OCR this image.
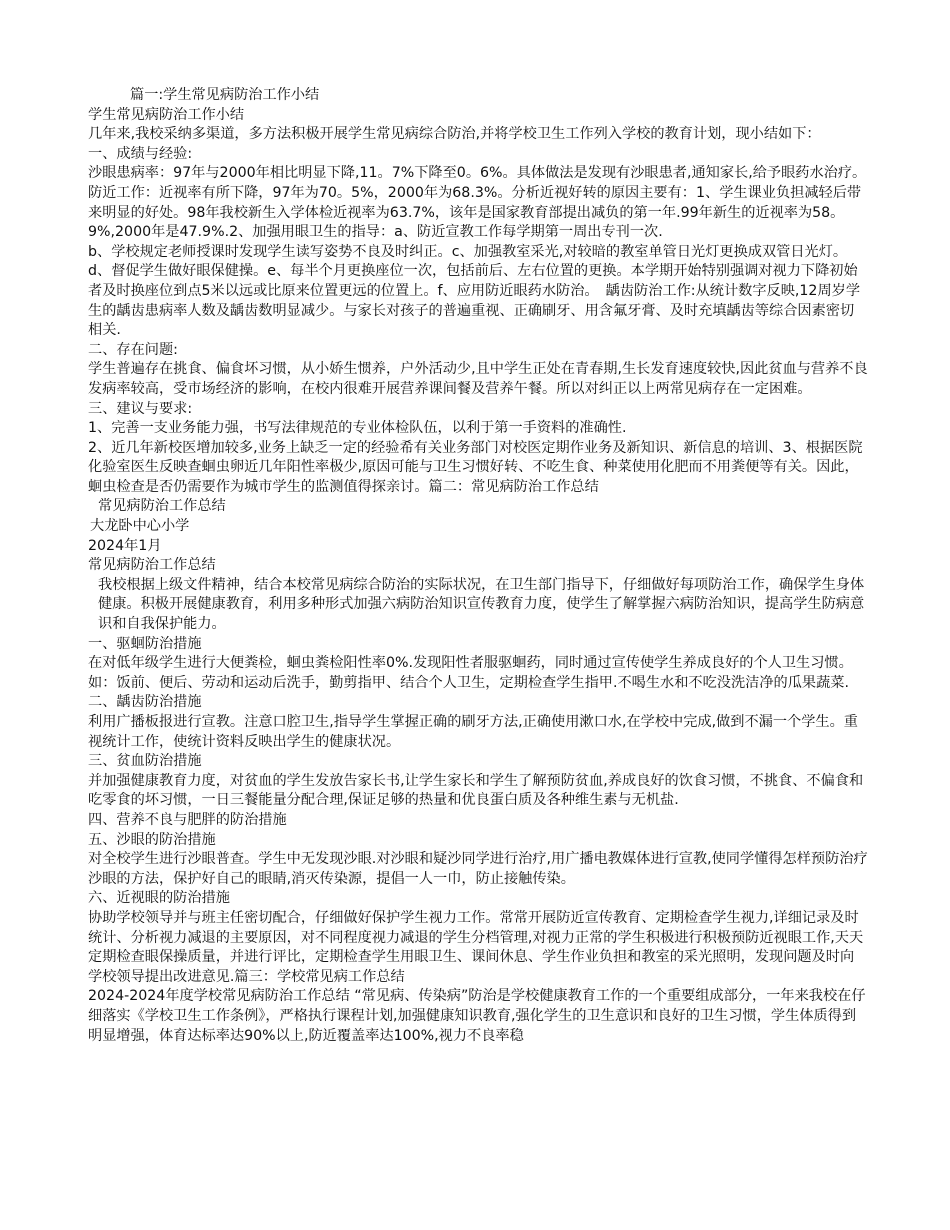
篇一:学生常见病防治工作小结

学生常见病防治工作小结

几年来,我校采纳多渠道，多方法积极开展学生常见病综合防治,并将学校卫生工作列入学校的教育计划，现小结如下：

一、成绩与经验:

沙眼患病率：97年与2000年相比明显下降,11。7%下降至0。6%。具体做法是发现有沙眼患者,通知家长,给予眼药水治疗。

防近工作：近视率有所下降，97年为70。5%，2000年为68.3%。分析近视好转的原因主要有：1、学生课业负担减轻后带来明显的好处。98年我校新生入学体检近视率为63.7%，该年是国家教育部提出减负的第一年.99年新生的近视率为58。9%,2000年是47.9%.2、加强用眼卫生的指导：a、防近宣教工作每学期第一周出专刊一次.

b、学校规定老师授课时发现学生读写姿势不良及时纠正。c、加强教室采光,对较暗的教室单管日光灯更换成双管日光灯。d、督促学生做好眼保健操。e、每半个月更换座位一次，包括前后、左右位置的更换。本学期开始特别强调对视力下降初始者及时换座位到点5米以远或比原来位置更远的位置上。f、应用防近眼药水防治。　龋齿防治工作:从统计数字反映,12周岁学生的龋齿患病率人数及龋齿数明显减少。与家长对孩子的普遍重视、正确刷牙、用含氟牙膏、及时充填龋齿等综合因素密切相关.

二、存在问题:

学生普遍存在挑食、偏食坏习惯，从小娇生惯养，户外活动少,且中学生正处在青春期,生长发育速度较快,因此贫血与营养不良发病率较高，受市场经济的影响，在校内很难开展营养课间餐及营养午餐。所以对纠正以上两常见病存在一定困难。

三、建议与要求:

1、完善一支业务能力强，书写法律规范的专业体检队伍，以利于第一手资料的准确性.

2、近几年新校医增加较多,业务上缺乏一定的经验希有关业务部门对校医定期作业务及新知识、新信息的培训、3、根据医院化验室医生反映查蛔虫卵近几年阳性率极少,原因可能与卫生习惯好转、不吃生食、种菜使用化肥而不用粪便等有关。因此，蛔虫检查是否仍需要作为城市学生的监测值得探亲讨。篇二：常见病防治工作总结

常见病防治工作总结

大龙卧中心小学

2024年1月

常见病防治工作总结

我校根据上级文件精神，结合本校常见病综合防治的实际状况，在卫生部门指导下，仔细做好每项防治工作，确保学生身体健康。积极开展健康教育，利用多种形式加强六病防治知识宣传教育力度，使学生了解掌握六病防治知识，提高学生防病意识和自我保护能力。

一、驱蛔防治措施

在对低年级学生进行大便粪检，蛔虫粪检阳性率0%.发现阳性者服驱蛔药，同时通过宣传使学生养成良好的个人卫生习惯。如：饭前、便后、劳动和运动后洗手，勤剪指甲、结合个人卫生，定期检查学生指甲.不喝生水和不吃没洗洁净的瓜果蔬菜.

二、龋齿防治措施

利用广播板报进行宣教。注意口腔卫生,指导学生掌握正确的刷牙方法,正确使用漱口水,在学校中完成,做到不漏一个学生。重视统计工作，使统计资料反映出学生的健康状况。

三、贫血防治措施

并加强健康教育力度，对贫血的学生发放告家长书,让学生家长和学生了解预防贫血,养成良好的饮食习惯，不挑食、不偏食和吃零食的坏习惯，一日三餐能量分配合理,保证足够的热量和优良蛋白质及各种维生素与无机盐.

四、营养不良与肥胖的防治措施

五、沙眼的防治措施

对全校学生进行沙眼普查。学生中无发现沙眼.对沙眼和疑沙同学进行治疗,用广播电教媒体进行宣教,使同学懂得怎样预防治疗沙眼的方法，保护好自己的眼睛,消灭传染源，提倡一人一巾，防止接触传染。

六、近视眼的防治措施

协助学校领导并与班主任密切配合，仔细做好保护学生视力工作。常常开展防近宣传教育、定期检查学生视力,详细记录及时统计、分析视力减退的主要原因，对不同程度视力减退的学生分档管理,对视力正常的学生积极进行积极预防近视眼工作,天天定期检查眼保操质量，并进行评比，定期检查学生用眼卫生、课间休息、学生作业负担和教室的采光照明，发现问题及时向学校领导提出改进意见.篇三：学校常见病工作总结

2024-2024年度学校常见病防治工作总结 “常见病、传染病”防治是学校健康教育工作的一个重要组成部分，一年来我校在仔细落实《学校卫生工作条例》，严格执行课程计划,加强健康知识教育,强化学生的卫生意识和良好的卫生习惯，学生体质得到明显增强，体育达标率达90%以上,防近覆盖率达100%,视力不良率稳
